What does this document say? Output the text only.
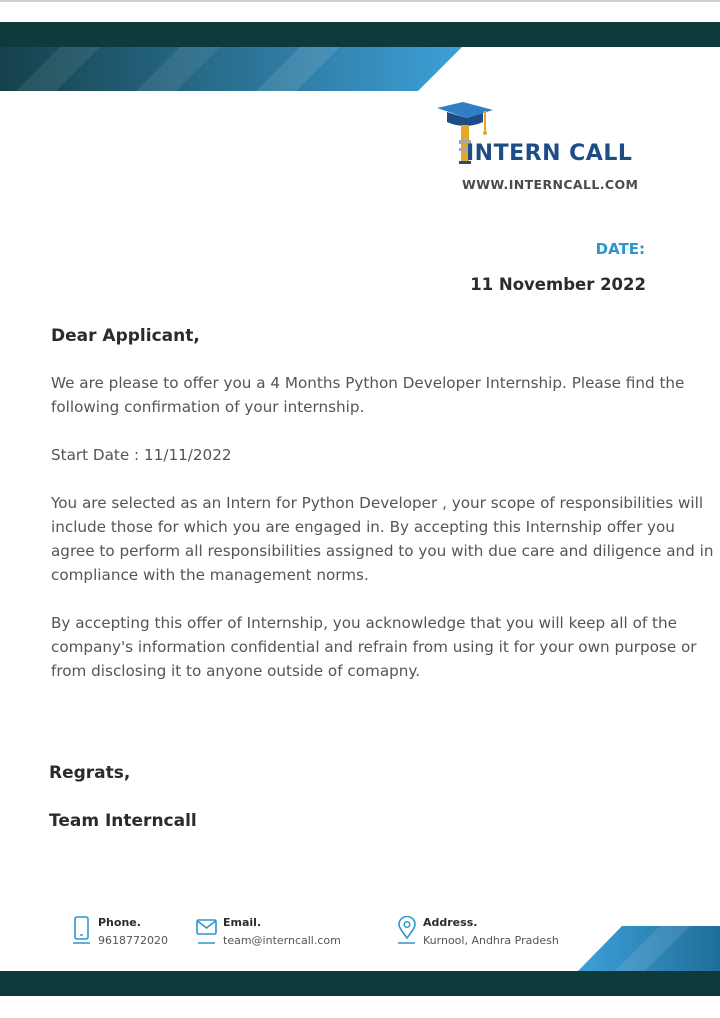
INTERN CALL
WWW.INTERNCALL.COM
DATE:
11 November 2022
Dear Applicant,

We are please to offer you a 4 Months Python Developer Internship. Please find the following confirmation of your internship.

Start Date : 11/11/2022

You are selected as an Intern for Python Developer , your scope of responsibilities will include those for which you are engaged in. By accepting this Internship offer you agree to perform all responsibilities assigned to you with due care and diligence and in compliance with the management norms.

By accepting this offer of Internship, you acknowledge that you will keep all of the company's information confidential and refrain from using it for your own purpose or from disclosing it to anyone outside of comapny.

Regrats,
Team Interncall
Phone.
9618772020
Email.
team@interncall.com
Address.
Kurnool, Andhra Pradesh
